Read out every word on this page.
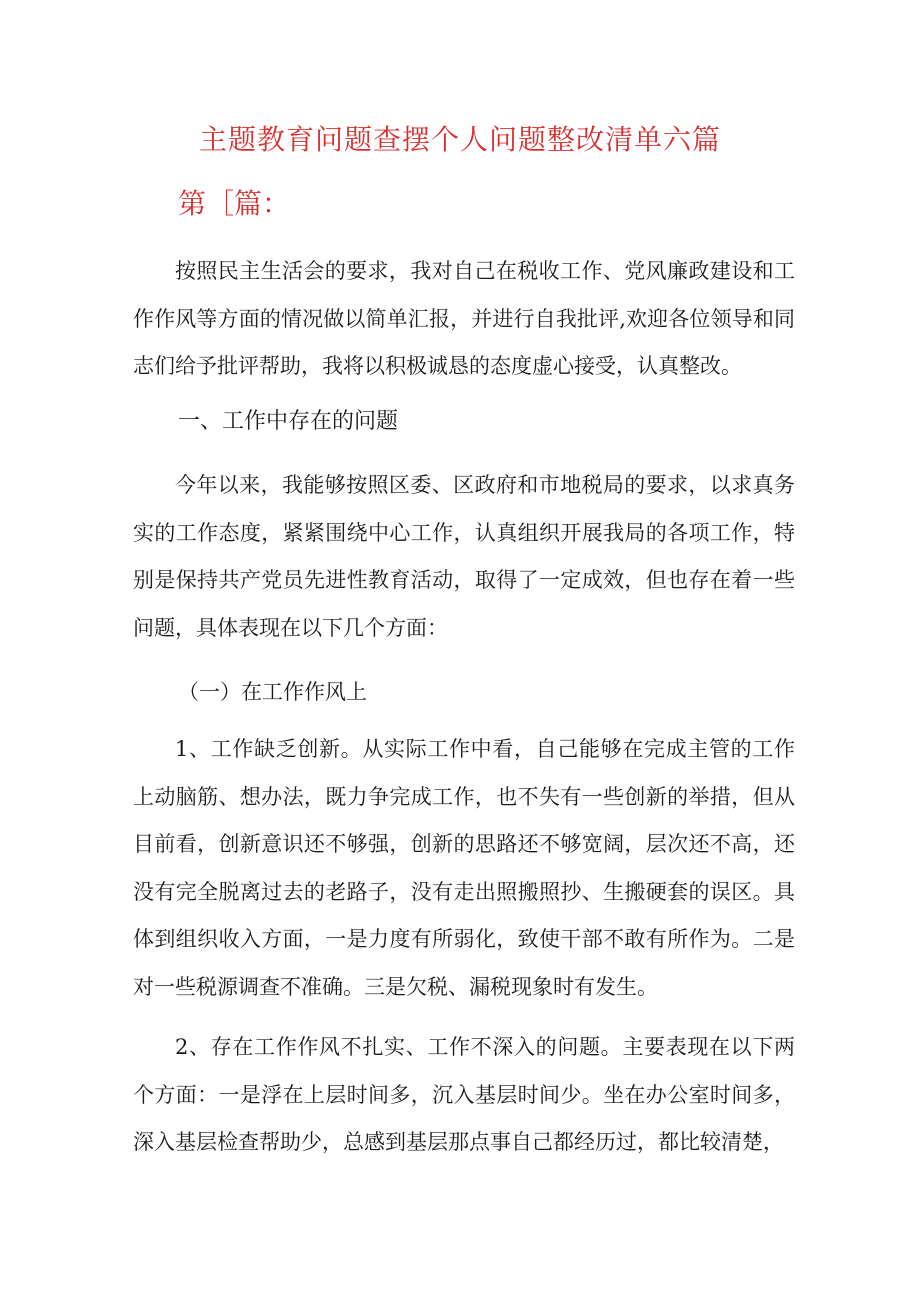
主题教育问题查摆个人问题整改清单六篇
第［篇：

按照民主生活会的要求，我对自己在税收工作、党风廉政建设和工作作风等方面的情况做以简单汇报，并进行自我批评,欢迎各位领导和同志们给予批评帮助，我将以积极诚恳的态度虚心接受，认真整改。

一、工作中存在的问题

今年以来，我能够按照区委、区政府和市地税局的要求，以求真务实的工作态度，紧紧围绕中心工作，认真组织开展我局的各项工作，特别是保持共产党员先进性教育活动，取得了一定成效，但也存在着一些问题，具体表现在以下几个方面：

（一）在工作作风上

1、工作缺乏创新。从实际工作中看，自己能够在完成主管的工作上动脑筋、想办法，既力争完成工作，也不失有一些创新的举措，但从目前看，创新意识还不够强，创新的思路还不够宽阔，层次还不高，还没有完全脱离过去的老路子，没有走出照搬照抄、生搬硬套的误区。具体到组织收入方面，一是力度有所弱化，致使干部不敢有所作为。二是对一些税源调查不准确。三是欠税、漏税现象时有发生。

2、存在工作作风不扎实、工作不深入的问题。主要表现在以下两个方面：一是浮在上层时间多，沉入基层时间少。坐在办公室时间多，深入基层检查帮助少，总感到基层那点事自己都经历过，都比较清楚，
